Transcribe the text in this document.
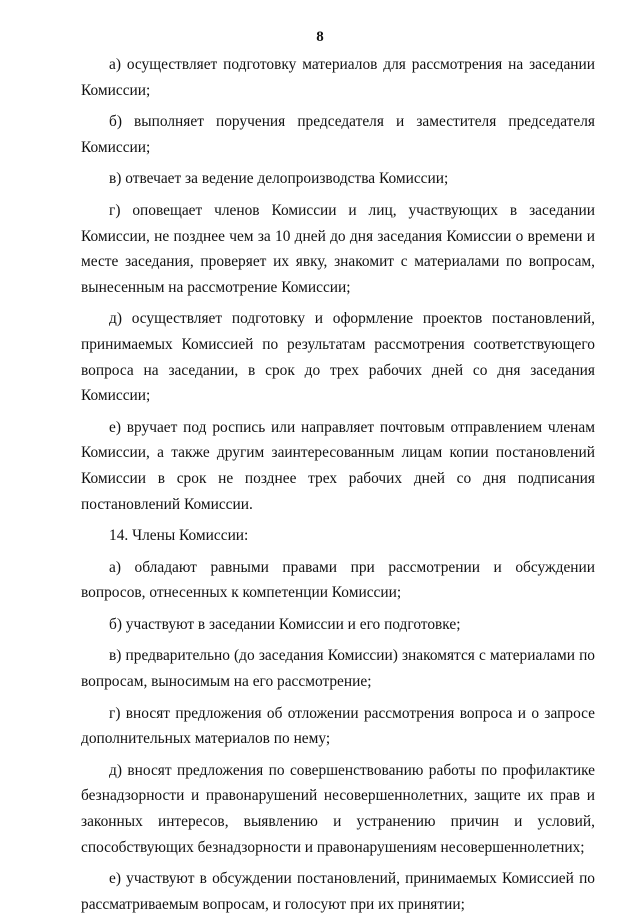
8

а) осуществляет подготовку материалов для рассмотрения на заседании Комиссии;

б) выполняет поручения председателя и заместителя председателя Комиссии;

в) отвечает за ведение делопроизводства Комиссии;

г) оповещает членов Комиссии и лиц, участвующих в заседании Комиссии, не позднее чем за 10 дней до дня заседания Комиссии о времени и месте заседания, проверяет их явку, знакомит с материалами по вопросам, вынесенным на рассмотрение Комиссии;

д) осуществляет подготовку и оформление проектов постановлений, принимаемых Комиссией по результатам рассмотрения соответствующего вопроса на заседании, в срок до трех рабочих дней со дня заседания Комиссии;

е) вручает под роспись или направляет почтовым отправлением членам Комиссии, а также другим заинтересованным лицам копии постановлений Комиссии в срок не позднее трех рабочих дней со дня подписания постановлений Комиссии.

14. Члены Комиссии:

а) обладают равными правами при рассмотрении и обсуждении вопросов, отнесенных к компетенции Комиссии;

б) участвуют в заседании Комиссии и его подготовке;

в) предварительно (до заседания Комиссии) знакомятся с материалами по вопросам, выносимым на его рассмотрение;

г) вносят предложения об отложении рассмотрения вопроса и о запросе дополнительных материалов по нему;

д) вносят предложения по совершенствованию работы по профилактике безнадзорности и правонарушений несовершеннолетних, защите их прав и законных интересов, выявлению и устранению причин и условий, способствующих безнадзорности и правонарушениям несовершеннолетних;

е) участвуют в обсуждении постановлений, принимаемых Комиссией по рассматриваемым вопросам, и голосуют при их принятии;
